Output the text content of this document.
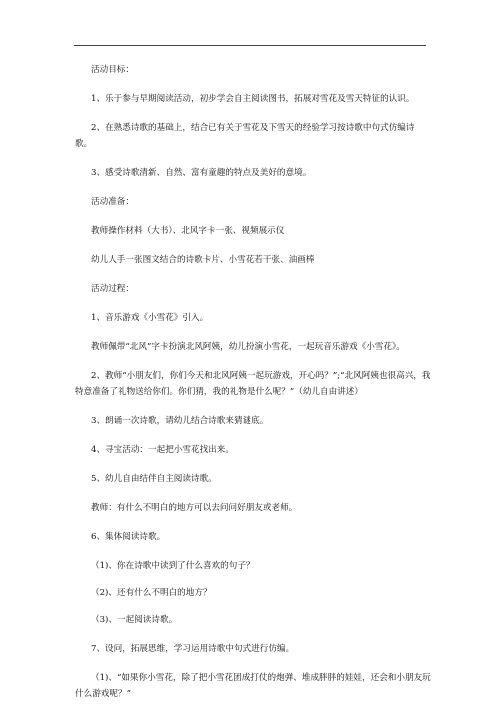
活动目标：

1、乐于参与早期阅读活动，初步学会自主阅读图书，拓展对雪花及雪天特征的认识。

2、在熟悉诗歌的基础上，结合已有关于雪花及下雪天的经验学习按诗歌中句式仿编诗歌。

3、感受诗歌清新、自然、富有童趣的特点及美好的意境。

活动准备：

教师操作材料（大书）、北风字卡一张、视频展示仪

幼儿人手一张图文结合的诗歌卡片、小雪花若干张、油画棒

活动过程：

1、音乐游戏《小雪花》引入。

教师佩带“北风”字卡扮演北风阿姨，幼儿扮演小雪花，一起玩音乐游戏《小雪花》。

2、教师“小朋友们，你们今天和北风阿姨一起玩游戏，开心吗？”;“北风阿姨也很高兴，我特意准备了礼物送给你们。你们猜，我的礼物是什么呢？”（幼儿自由讲述）

3、朗诵一次诗歌，请幼儿结合诗歌来猜谜底。

4、寻宝活动：一起把小雪花找出来。

5、幼儿自由结伴自主阅读诗歌。

教师：有什么不明白的地方可以去问问好朋友或老师。

6、集体阅读诗歌。

（1)、你在诗歌中读到了什么喜欢的句子？

（2)、还有什么不明白的地方？

（3)、一起阅读诗歌。

7、设问，拓展思维，学习运用诗歌中句式进行仿编。

（1)、“如果你小雪花，除了把小雪花团成打仗的炮弹、堆成胖胖的娃娃，还会和小朋友玩什么游戏呢？”
